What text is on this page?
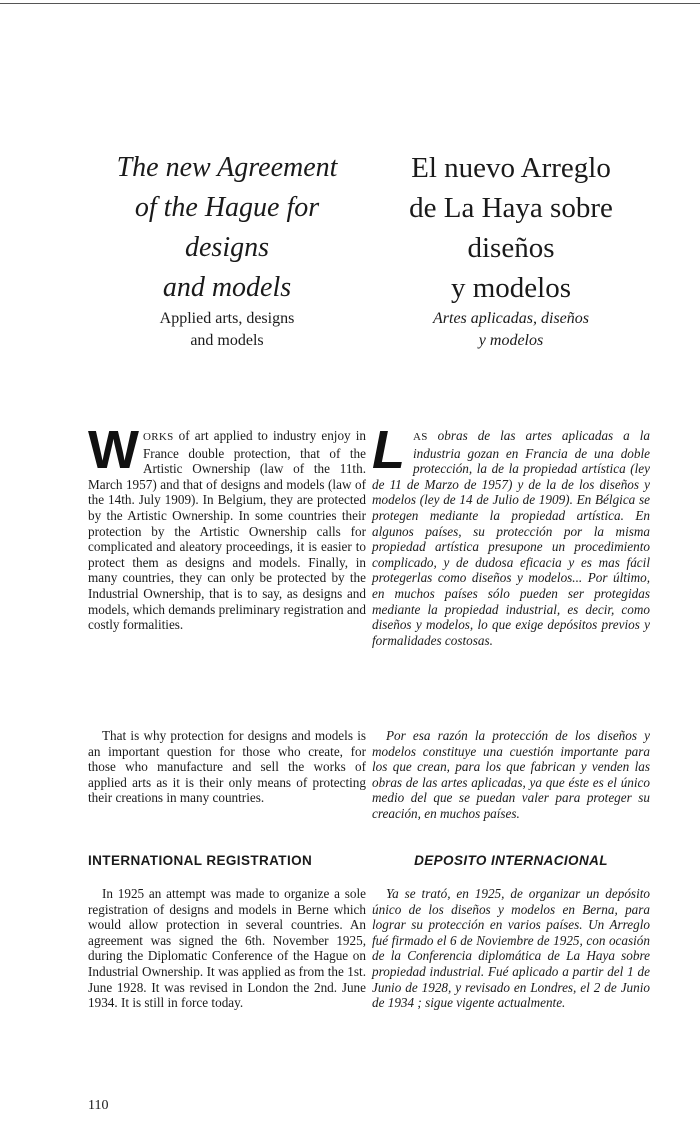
The new Agreement
of the Hague for
designs
and models

Applied arts, designs
and models

WORKS of art applied to industry enjoy in France double protection, that of the Artistic Ownership (law of the 11th. March 1957) and that of designs and models (law of the 14th. July 1909). In Belgium, they are protected by the Artistic Ownership. In some countries their protection by the Artistic Ownership calls for complicated and aleatory proceedings, it is easier to protect them as designs and models. Finally, in many countries, they can only be protected by the Industrial Ownership, that is to say, as designs and models, which demands preliminary registration and costly formalities.

That is why protection for designs and models is an important question for those who create, for those who manufacture and sell the works of applied arts as it is their only means of protecting their creations in many countries.

INTERNATIONAL REGISTRATION

In 1925 an attempt was made to organize a sole registration of designs and models in Berne which would allow protection in several countries. An agreement was signed the 6th. November 1925, during the Diplomatic Conference of the Hague on Industrial Ownership. It was applied as from the 1st. June 1928. It was revised in London the 2nd. June 1934. It is still in force today.

El nuevo Arreglo
de La Haya sobre
diseños
y modelos

Artes aplicadas, diseños
y modelos

LAS obras de las artes aplicadas a la industria gozan en Francia de una doble protección, la de la propiedad artística (ley de 11 de Marzo de 1957) y de la de los diseños y modelos (ley de 14 de Julio de 1909). En Bélgica se protegen mediante la propiedad artística. En algunos países, su protección por la misma propiedad artística presupone un procedimiento complicado, y de dudosa eficacia y es mas fácil protegerlas como diseños y modelos... Por último, en muchos países sólo pueden ser protegidas mediante la propiedad industrial, es decir, como diseños y modelos, lo que exige depósitos previos y formalidades costosas.

Por esa razón la protección de los diseños y modelos constituye una cuestión importante para los que crean, para los que fabrican y venden las obras de las artes aplicadas, ya que éste es el único medio del que se puedan valer para proteger su creación, en muchos países.

DEPOSITO INTERNACIONAL

Ya se trató, en 1925, de organizar un depósito único de los diseños y modelos en Berna, para lograr su protección en varios países. Un Arreglo fué firmado el 6 de Noviembre de 1925, con ocasión de la Conferencia diplomática de La Haya sobre propiedad industrial. Fué aplicado a partir del 1 de Junio de 1928, y revisado en Londres, el 2 de Junio de 1934 ; sigue vigente actualmente.

110
